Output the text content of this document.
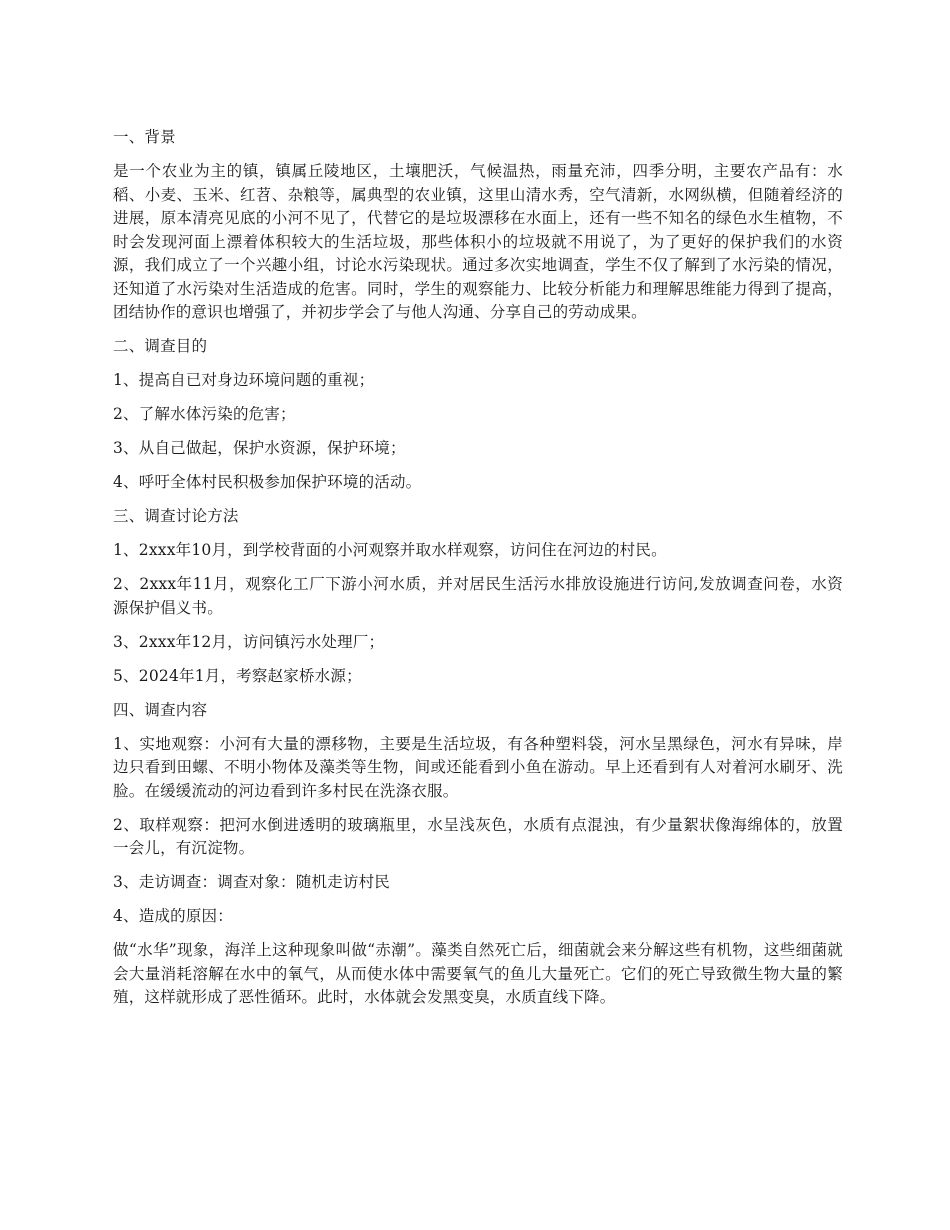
一、背景

是一个农业为主的镇，镇属丘陵地区，土壤肥沃，气候温热，雨量充沛，四季分明，主要农产品有：水稻、小麦、玉米、红苕、杂粮等，属典型的农业镇，这里山清水秀，空气清新，水网纵横，但随着经济的进展，原本清亮见底的小河不见了，代替它的是垃圾漂移在水面上，还有一些不知名的绿色水生植物，不时会发现河面上漂着体积较大的生活垃圾，那些体积小的垃圾就不用说了，为了更好的保护我们的水资源，我们成立了一个兴趣小组，讨论水污染现状。通过多次实地调查，学生不仅了解到了水污染的情况，还知道了水污染对生活造成的危害。同时，学生的观察能力、比较分析能力和理解思维能力得到了提高，团结协作的意识也增强了，并初步学会了与他人沟通、分享自己的劳动成果。

二、调查目的

1、提高自已对身边环境问题的重视；

2、了解水体污染的危害；

3、从自己做起，保护水资源，保护环境；

4、呼吁全体村民积极参加保护环境的活动。

三、调查讨论方法

1、2xxx年10月，到学校背面的小河观察并取水样观察，访问住在河边的村民。

2、2xxx年11月，观察化工厂下游小河水质，并对居民生活污水排放设施进行访问,发放调查问卷，水资源保护倡义书。

3、2xxx年12月，访问镇污水处理厂；

5、2024年1月，考察赵家桥水源；

四、调查内容

1、实地观察：小河有大量的漂移物，主要是生活垃圾，有各种塑料袋，河水呈黑绿色，河水有异味，岸边只看到田螺、不明小物体及藻类等生物，间或还能看到小鱼在游动。早上还看到有人对着河水刷牙、洗脸。在缓缓流动的河边看到许多村民在洗涤衣服。

2、取样观察：把河水倒进透明的玻璃瓶里，水呈浅灰色，水质有点混浊，有少量絮状像海绵体的，放置一会儿，有沉淀物。

3、走访调查：调查对象：随机走访村民

4、造成的原因：

做“水华”现象，海洋上这种现象叫做“赤潮”。藻类自然死亡后，细菌就会来分解这些有机物，这些细菌就会大量消耗溶解在水中的氧气，从而使水体中需要氧气的鱼儿大量死亡。它们的死亡导致微生物大量的繁殖，这样就形成了恶性循环。此时，水体就会发黑变臭，水质直线下降。
